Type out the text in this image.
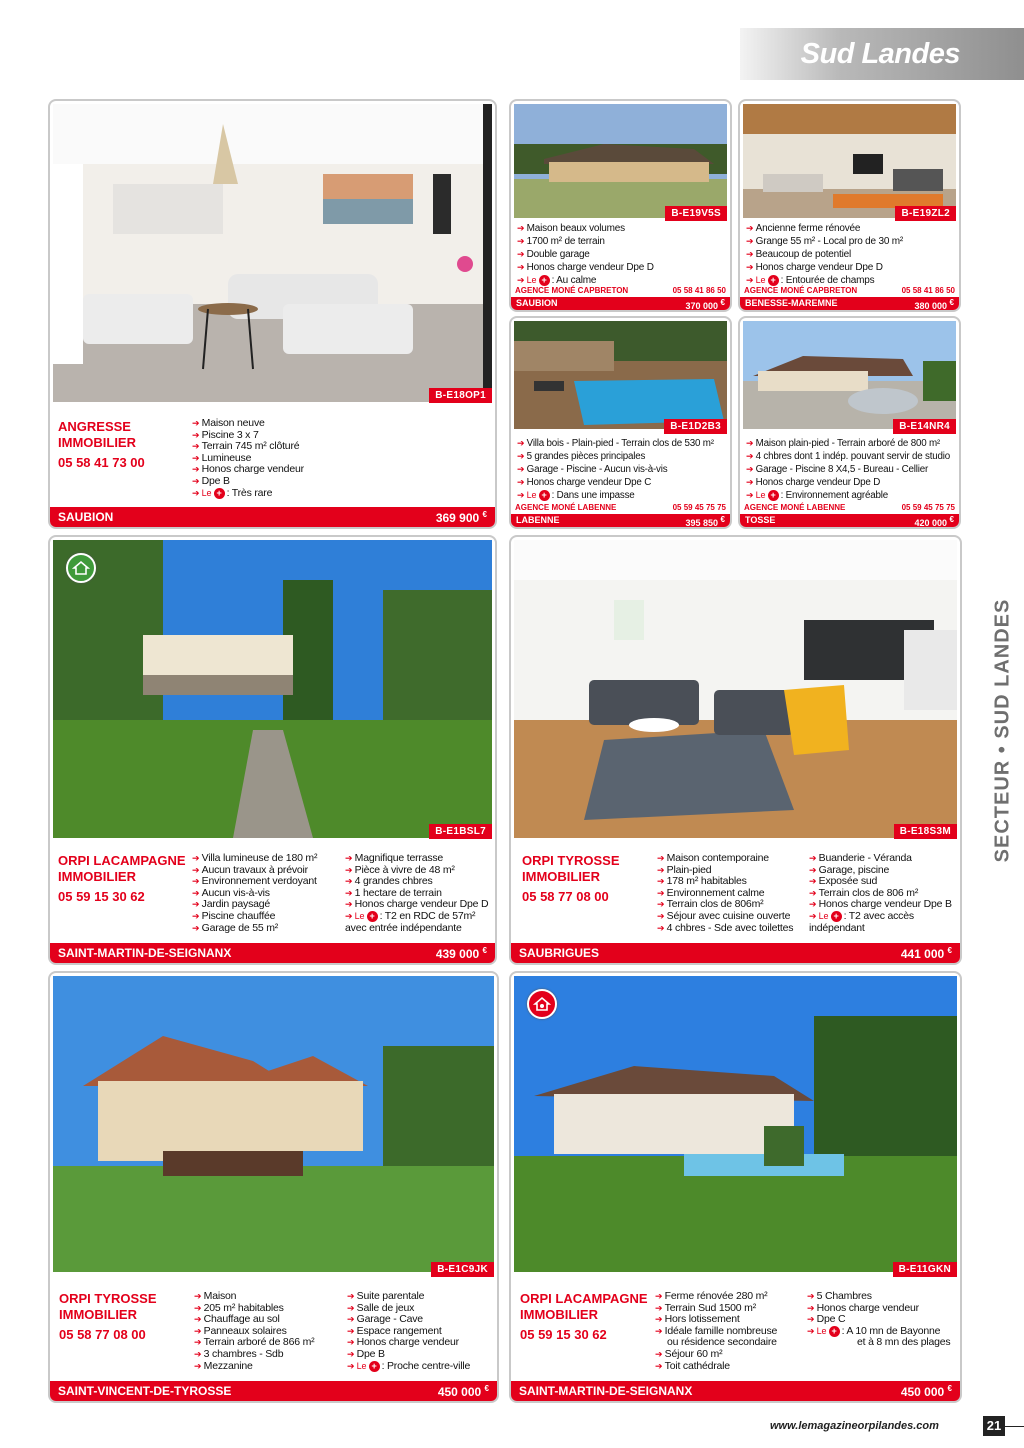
Sud Landes
SECTEUR • SUD LANDES
B-E18OP1
ANGRESSE IMMOBILIER
05 58 41 73 00
➔ Maison neuve
➔ Piscine 3 x 7
➔ Terrain 745 m² clôturé
➔ Lumineuse
➔ Honos charge vendeur
➔ Dpe B
➔ Le + : Très rare
SAUBION	369 900 €
B-E19V5S
➔ Maison beaux volumes
➔ 1700 m² de terrain
➔ Double garage
➔ Honos charge vendeur Dpe D
➔ Le + : Au calme
AGENCE MONÉ CAPBRETON	05 58 41 86 50
SAUBION	370 000 €
B-E19ZL2
➔ Ancienne ferme rénovée
➔ Grange 55 m² - Local pro de 30 m²
➔ Beaucoup de potentiel
➔ Honos charge vendeur Dpe D
➔ Le + : Entourée de champs
AGENCE MONÉ CAPBRETON	05 58 41 86 50
BENESSE-MAREMNE	380 000 €
B-E1D2B3
➔ Villa bois - Plain-pied - Terrain clos de 530 m²
➔ 5 grandes pièces principales
➔ Garage - Piscine - Aucun vis-à-vis
➔ Honos charge vendeur Dpe C
➔ Le + : Dans une impasse
AGENCE MONÉ LABENNE	05 59 45 75 75
LABENNE	395 850 €
B-E14NR4
➔ Maison plain-pied - Terrain arboré de 800 m²
➔ 4 chbres dont 1 indép. pouvant servir de studio
➔ Garage - Piscine 8 X4,5 - Bureau - Cellier
➔ Honos charge vendeur Dpe D
➔ Le + : Environnement agréable
AGENCE MONÉ LABENNE	05 59 45 75 75
TOSSE	420 000 €
B-E1BSL7
ORPI LACAMPAGNE IMMOBILIER
05 59 15 30 62
➔ Villa lumineuse de 180 m²
➔ Aucun travaux à prévoir
➔ Environnement verdoyant
➔ Aucun vis-à-vis
➔ Jardin paysagé
➔ Piscine chauffée
➔ Garage de 55 m²
➔ Magnifique terrasse
➔ Pièce à vivre de 48 m²
➔ 4 grandes chbres
➔ 1 hectare de terrain
➔ Honos charge vendeur Dpe D
➔ Le + : T2 en RDC de 57m²
avec entrée indépendante
SAINT-MARTIN-DE-SEIGNANX	439 000 €
B-E18S3M
ORPI TYROSSE IMMOBILIER
05 58 77 08 00
➔ Maison contemporaine
➔ Plain-pied
➔ 178 m² habitables
➔ Environnement calme
➔ Terrain clos de 806m²
➔ Séjour avec cuisine ouverte
➔ 4 chbres - Sde avec toilettes
➔ Buanderie - Véranda
➔ Garage, piscine
➔ Exposée sud
➔ Terrain clos de 806 m²
➔ Honos charge vendeur Dpe B
➔ Le + : T2 avec accès
indépendant
SAUBRIGUES	441 000 €
B-E1C9JK
ORPI TYROSSE IMMOBILIER
05 58 77 08 00
➔ Maison
➔ 205 m² habitables
➔ Chauffage au sol
➔ Panneaux solaires
➔ Terrain arboré de 866 m²
➔ 3 chambres - Sdb
➔ Mezzanine
➔ Suite parentale
➔ Salle de jeux
➔ Garage - Cave
➔ Espace rangement
➔ Honos charge vendeur
➔ Dpe B
➔ Le + : Proche centre-ville
SAINT-VINCENT-DE-TYROSSE	450 000 €
B-E11GKN
ORPI LACAMPAGNE IMMOBILIER
05 59 15 30 62
➔ Ferme rénovée 280 m²
➔ Terrain Sud 1500 m²
➔ Hors lotissement
➔ Idéale famille nombreuse
ou résidence secondaire
➔ Séjour 60 m²
➔ Toit cathédrale
➔ 5 Chambres
➔ Honos charge vendeur
➔ Dpe C
➔ Le + : A 10 mn de Bayonne
et à 8 mn des plages
SAINT-MARTIN-DE-SEIGNANX	450 000 €
www.lemagazineorpilandes.com	21
